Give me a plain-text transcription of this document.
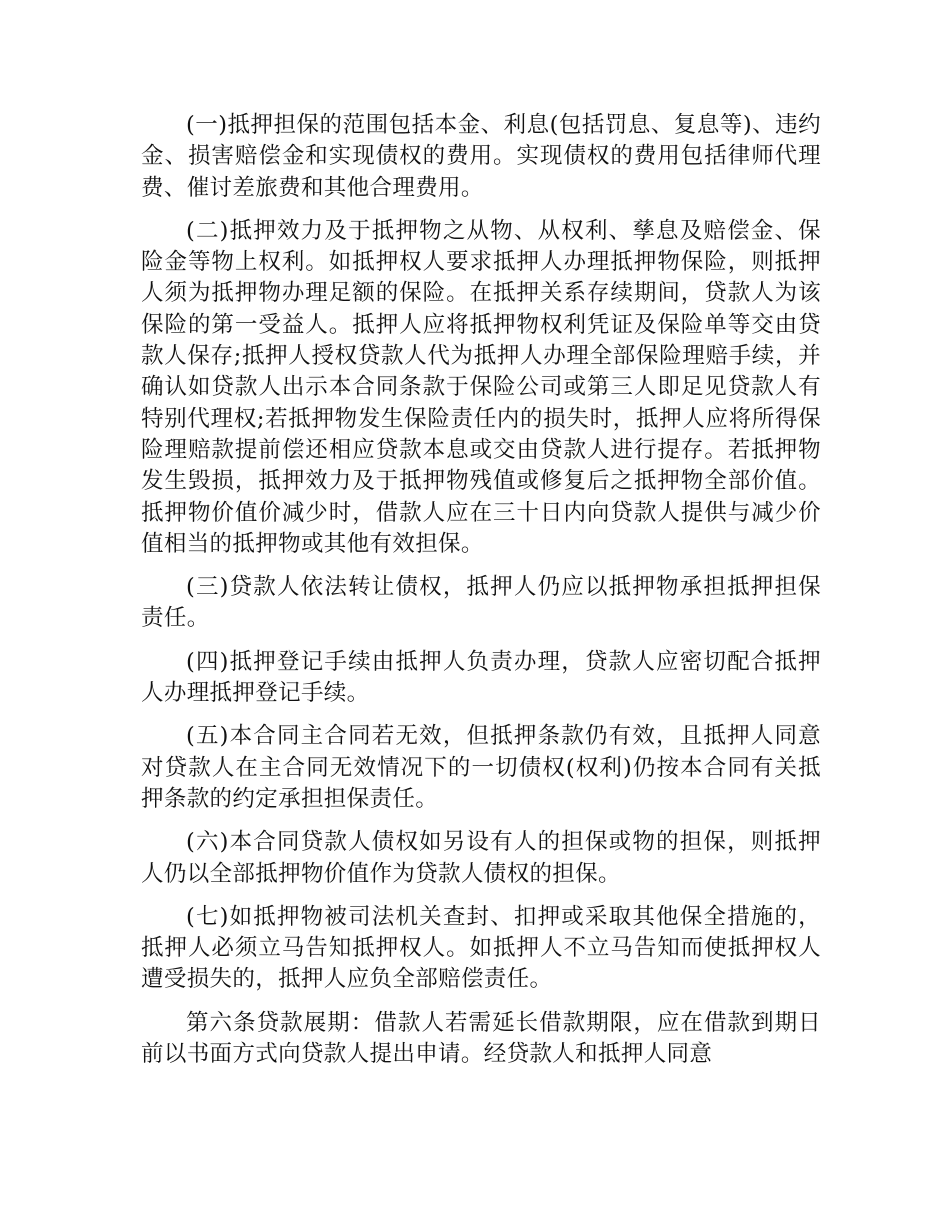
(一)抵押担保的范围包括本金、利息(包括罚息、复息等)、违约金、损害赔偿金和实现债权的费用。实现债权的费用包括律师代理费、催讨差旅费和其他合理费用。

(二)抵押效力及于抵押物之从物、从权利、孳息及赔偿金、保险金等物上权利。如抵押权人要求抵押人办理抵押物保险，则抵押人须为抵押物办理足额的保险。在抵押关系存续期间，贷款人为该保险的第一受益人。抵押人应将抵押物权利凭证及保险单等交由贷款人保存;抵押人授权贷款人代为抵押人办理全部保险理赔手续，并确认如贷款人出示本合同条款于保险公司或第三人即足见贷款人有特别代理权;若抵押物发生保险责任内的损失时，抵押人应将所得保险理赔款提前偿还相应贷款本息或交由贷款人进行提存。若抵押物发生毁损，抵押效力及于抵押物残值或修复后之抵押物全部价值。抵押物价值价减少时，借款人应在三十日内向贷款人提供与减少价值相当的抵押物或其他有效担保。

(三)贷款人依法转让债权，抵押人仍应以抵押物承担抵押担保责任。

(四)抵押登记手续由抵押人负责办理，贷款人应密切配合抵押人办理抵押登记手续。

(五)本合同主合同若无效，但抵押条款仍有效，且抵押人同意对贷款人在主合同无效情况下的一切债权(权利)仍按本合同有关抵押条款的约定承担担保责任。

(六)本合同贷款人债权如另设有人的担保或物的担保，则抵押人仍以全部抵押物价值作为贷款人债权的担保。

(七)如抵押物被司法机关查封、扣押或采取其他保全措施的，抵押人必须立马告知抵押权人。如抵押人不立马告知而使抵押权人遭受损失的，抵押人应负全部赔偿责任。

第六条贷款展期：借款人若需延长借款期限，应在借款到期日前以书面方式向贷款人提出申请。经贷款人和抵押人同意
